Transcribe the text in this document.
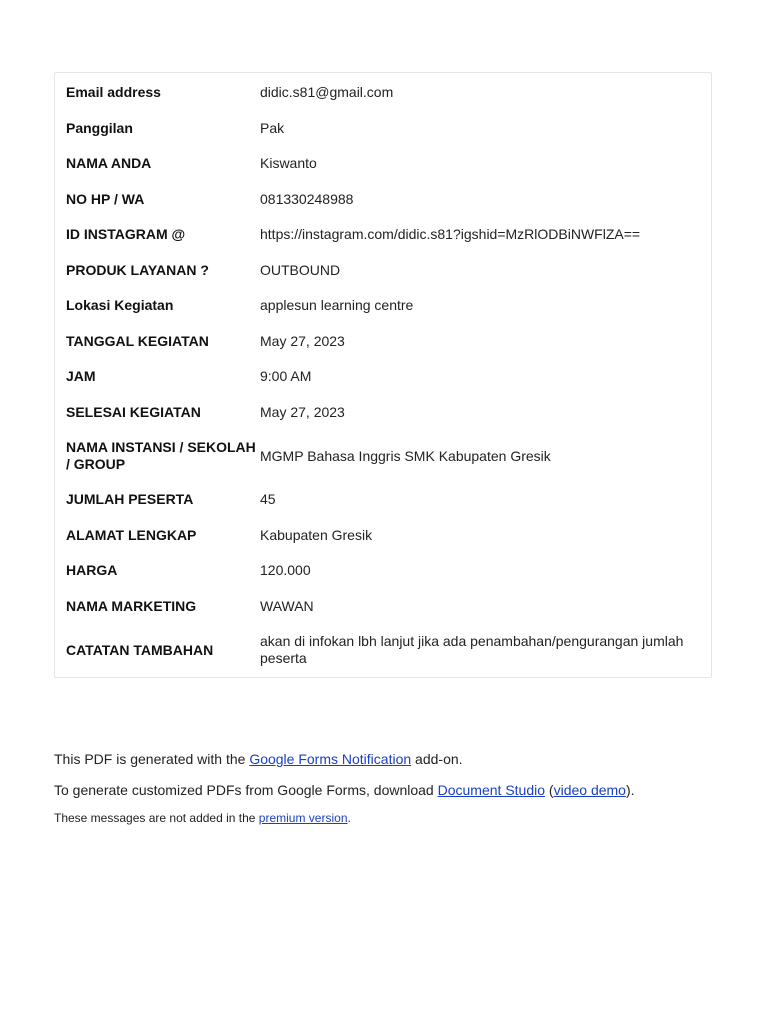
Email address	didic.s81@gmail.com
Panggilan	Pak
NAMA ANDA	Kiswanto
NO HP / WA	081330248988
ID INSTAGRAM @	https://instagram.com/didic.s81?igshid=MzRlODBiNWFlZA==
PRODUK LAYANAN ?	OUTBOUND
Lokasi Kegiatan	applesun learning centre
TANGGAL KEGIATAN	May 27, 2023
JAM	9:00 AM
SELESAI KEGIATAN	May 27, 2023
NAMA INSTANSI / SEKOLAH / GROUP	MGMP Bahasa Inggris SMK Kabupaten Gresik
JUMLAH PESERTA	45
ALAMAT LENGKAP	Kabupaten Gresik
HARGA	120.000
NAMA MARKETING	WAWAN
CATATAN TAMBAHAN	akan di infokan lbh lanjut jika ada penambahan/pengurangan jumlah peserta

This PDF is generated with the Google Forms Notification add-on.

To generate customized PDFs from Google Forms, download Document Studio (video demo).

These messages are not added in the premium version.
